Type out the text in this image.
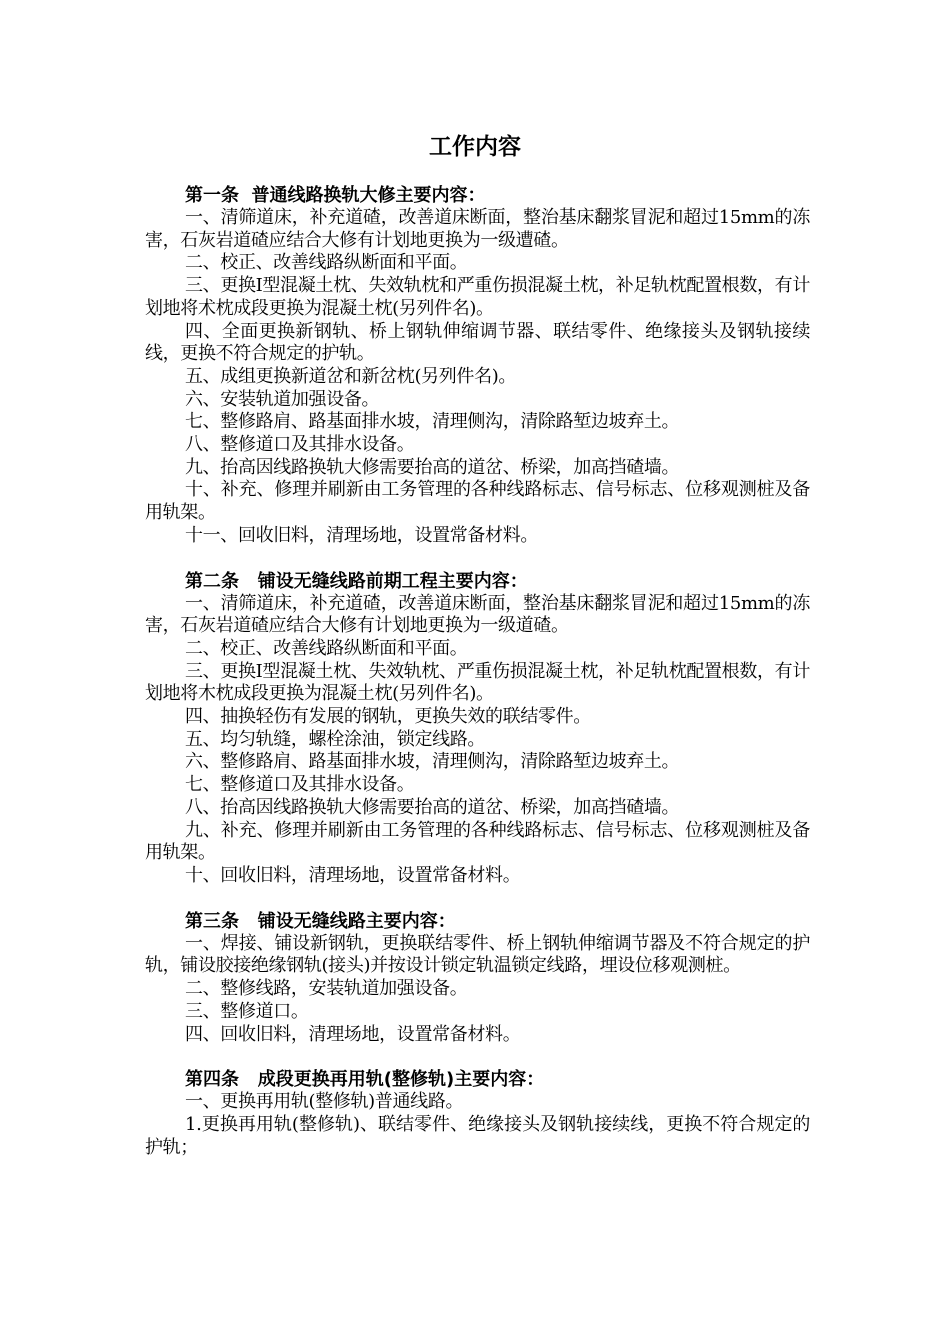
工作内容

第一条  普通线路换轨大修主要内容：

一、清筛道床，补充道碴，改善道床断面，整治基床翻浆冒泥和超过15mm的冻害，石灰岩道碴应结合大修有计划地更换为一级遭碴。

二、校正、改善线路纵断面和平面。

三、更换Ⅰ型混凝土枕、失效轨枕和严重伤损混凝土枕，补足轨枕配置根数，有计划地将术枕成段更换为混凝土枕(另列件名)。

四、全面更换新钢轨、桥上钢轨伸缩调节器、联结零件、绝缘接头及钢轨接续线，更换不符合规定的护轨。

五、成组更换新道岔和新岔枕(另列件名)。

六、安装轨道加强设备。

七、整修路肩、路基面排水坡，清理侧沟，清除路堑边坡弃土。

八、整修道口及其排水设备。

九、抬高因线路换轨大修需要抬高的道岔、桥梁，加高挡碴墙。

十、补充、修理并刷新由工务管理的各种线路标志、信号标志、位移观测桩及备用轨架。

十一、回收旧料，清理场地，设置常备材料。

第二条   铺设无缝线路前期工程主要内容：

一、清筛道床，补充道碴，改善道床断面，整治基床翻浆冒泥和超过15mm的冻害，石灰岩道碴应结合大修有计划地更换为一级道碴。

二、校正、改善线路纵断面和平面。

三、更换Ⅰ型混凝土枕、失效轨枕、严重伤损混凝土枕，补足轨枕配置根数，有计划地将木枕成段更换为混凝土枕(另列件名)。

四、抽换轻伤有发展的钢轨，更换失效的联结零件。

五、均匀轨缝，螺栓涂油，锁定线路。

六、整修路肩、路基面排水坡，清理侧沟，清除路堑边坡弃土。

七、整修道口及其排水设备。

八、抬高因线路换轨大修需要抬高的道岔、桥梁，加高挡碴墙。

九、补充、修理并刷新由工务管理的各种线路标志、信号标志、位移观测桩及备用轨架。

十、回收旧料，清理场地，设置常备材料。

第三条   铺设无缝线路主要内容：

一、焊接、铺设新钢轨，更换联结零件、桥上钢轨伸缩调节器及不符合规定的护轨，铺设胶接绝缘钢轨(接头)并按设计锁定轨温锁定线路，埋设位移观测桩。

二、整修线路，安装轨道加强设备。

三、整修道口。

四、回收旧料，清理场地，设置常备材料。

第四条   成段更换再用轨(整修轨)主要内容：

一、更换再用轨(整修轨)普通线路。

1.更换再用轨(整修轨)、联结零件、绝缘接头及钢轨接续线，更换不符合规定的护轨；
